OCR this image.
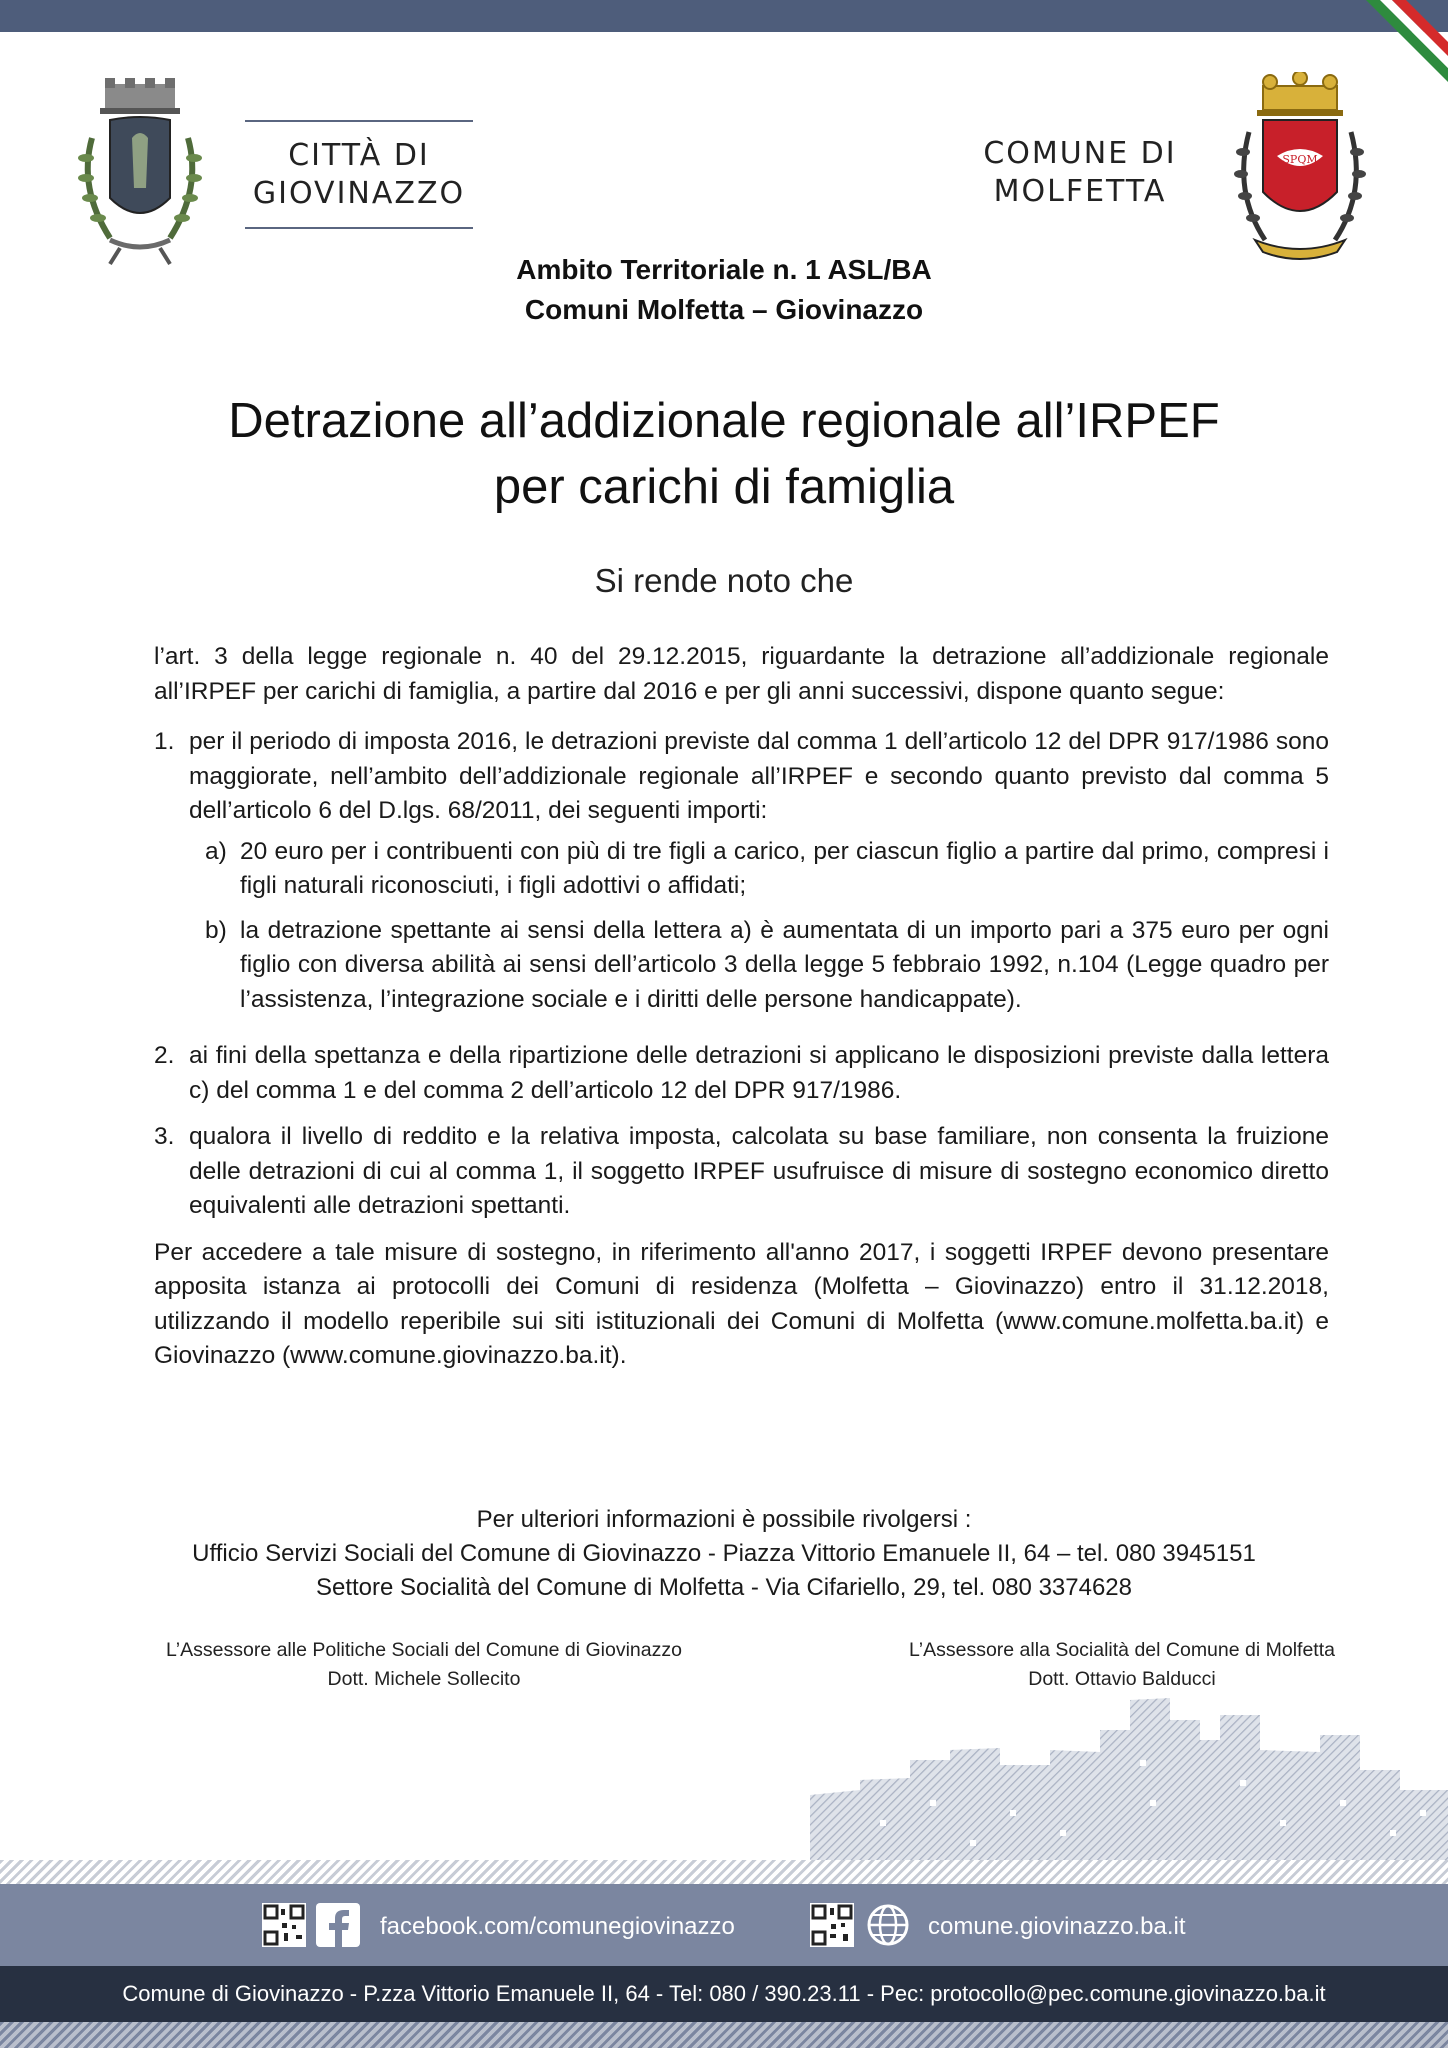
CITTÀ DI
GIOVINAZZO
COMUNE DI
MOLFETTA
SPQM
Ambito Territoriale n. 1 ASL/BA
Comuni Molfetta – Giovinazzo
Detrazione all’addizionale regionale all’IRPEF
per carichi di famiglia
Si rende noto che

l’art. 3 della legge regionale n. 40 del 29.12.2015, riguardante la detrazione all’addizionale regionale all’IRPEF per carichi di famiglia, a partire dal 2016 e per gli anni successivi, dispone quanto segue:

1. per il periodo di imposta 2016, le detrazioni previste dal comma 1 dell’articolo 12 del DPR 917/1986 sono maggiorate, nell’ambito dell’addizionale regionale all’IRPEF e secondo quanto previsto dal comma 5 dell’articolo 6 del D.lgs. 68/2011, dei seguenti importi:
a) 20 euro per i contribuenti con più di tre figli a carico, per ciascun figlio a partire dal primo, compresi i figli naturali riconosciuti, i figli adottivi o affidati;
b) la detrazione spettante ai sensi della lettera a) è aumentata di un importo pari a 375 euro per ogni figlio con diversa abilità ai sensi dell’articolo 3 della legge 5 febbraio 1992, n.104 (Legge quadro per l’assistenza, l’integrazione sociale e i diritti delle persone handicappate).
2. ai fini della spettanza e della ripartizione delle detrazioni si applicano le disposizioni previste dalla lettera c) del comma 1 e del comma 2 dell’articolo 12 del DPR 917/1986.
3. qualora il livello di reddito e la relativa imposta, calcolata su base familiare, non consenta la fruizione delle detrazioni di cui al comma 1, il soggetto IRPEF usufruisce di misure di sostegno economico diretto equivalenti alle detrazioni spettanti.

Per accedere a tale misure di sostegno, in riferimento all'anno 2017, i soggetti IRPEF devono presentare apposita istanza ai protocolli dei Comuni di residenza (Molfetta – Giovinazzo) entro il 31.12.2018, utilizzando il modello reperibile sui siti istituzionali dei Comuni di Molfetta (www.comune.molfetta.ba.it) e Giovinazzo (www.comune.giovinazzo.ba.it).

Per ulteriori informazioni è possibile rivolgersi :
Ufficio Servizi Sociali del Comune di Giovinazzo - Piazza Vittorio Emanuele II, 64 – tel. 080 3945151
Settore Socialità del Comune di Molfetta - Via Cifariello, 29, tel. 080 3374628
L’Assessore alle Politiche Sociali del Comune di Giovinazzo
Dott. Michele Sollecito
L’Assessore alla Socialità del Comune di Molfetta
Dott. Ottavio Balducci
facebook.com/comunegiovinazzo	comune.giovinazzo.ba.it
Comune di Giovinazzo - P.zza Vittorio Emanuele II, 64 - Tel: 080 / 390.23.11 - Pec: protocollo@pec.comune.giovinazzo.ba.it
